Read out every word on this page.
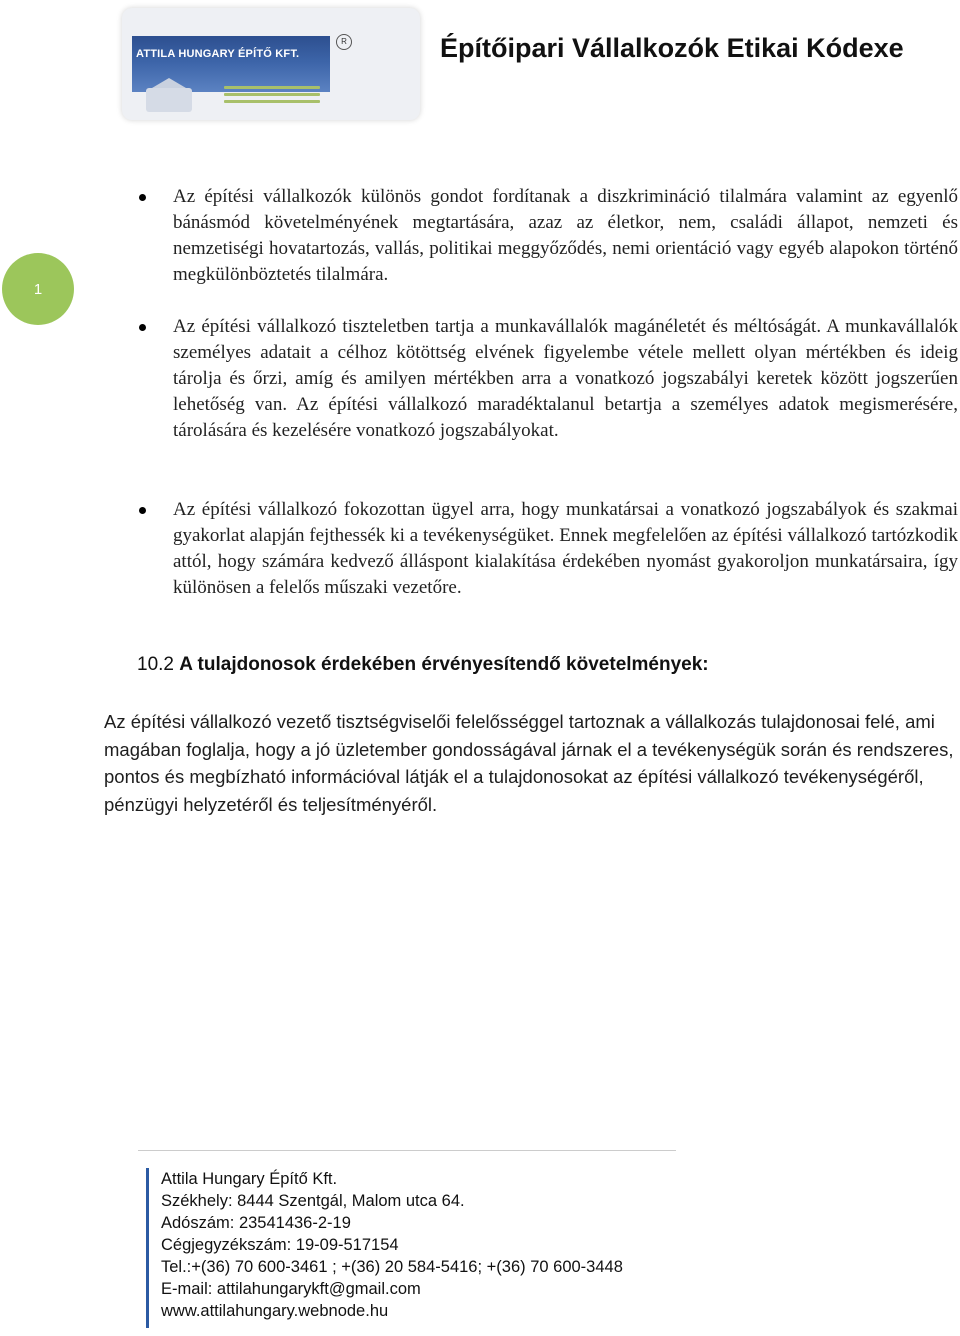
ATTILA HUNGARY ÉPÍTŐ KFT.
R	Építőipari Vállalkozók Etikai Kódexe
1
Az építési vállalkozók különös gondot fordítanak a diszkrimináció tilalmára valamint az egyenlő bánásmód követelményének megtartására, azaz az életkor, nem, családi állapot, nemzeti és nemzetiségi hovatartozás, vallás, politikai meggyőződés, nemi orientáció vagy egyéb alapokon történő megkülönböztetés tilalmára.
Az építési vállalkozó tiszteletben tartja a munkavállalók magánéletét és méltóságát. A munkavállalók személyes adatait a célhoz kötöttség elvének figyelembe vétele mellett olyan mértékben és ideig tárolja és őrzi, amíg és amilyen mértékben arra a vonatkozó jogszabályi keretek között jogszerűen lehetőség van. Az építési vállalkozó maradéktalanul betartja a személyes adatok megismerésére, tárolására és kezelésére vonatkozó jogszabályokat.
Az építési vállalkozó fokozottan ügyel arra, hogy munkatársai a vonatkozó jogszabályok és szakmai gyakorlat alapján fejthessék ki a tevékenységüket. Ennek megfelelően az építési vállalkozó tartózkodik attól, hogy számára kedvező álláspont kialakítása érdekében nyomást gyakoroljon munkatársaira, így különösen a felelős műszaki vezetőre.
10.2 A tulajdonosok érdekében érvényesítendő követelmények:
Az építési vállalkozó vezető tisztségviselői felelősséggel tartoznak a vállalkozás tulajdonosai felé, ami magában foglalja, hogy a jó üzletember gondosságával járnak el a tevékenységük során és rendszeres, pontos és megbízható információval látják el a tulajdonosokat az építési vállalkozó tevékenységéről, pénzügyi helyzetéről és teljesítményéről.
Attila Hungary Építő Kft.
Székhely: 8444 Szentgál, Malom utca 64.
Adószám: 23541436-2-19
Cégjegyzékszám: 19-09-517154
Tel.:+(36) 70 600-3461 ; +(36) 20 584-5416; +(36) 70 600-3448
E-mail: attilahungarykft@gmail.com
www.attilahungary.webnode.hu
